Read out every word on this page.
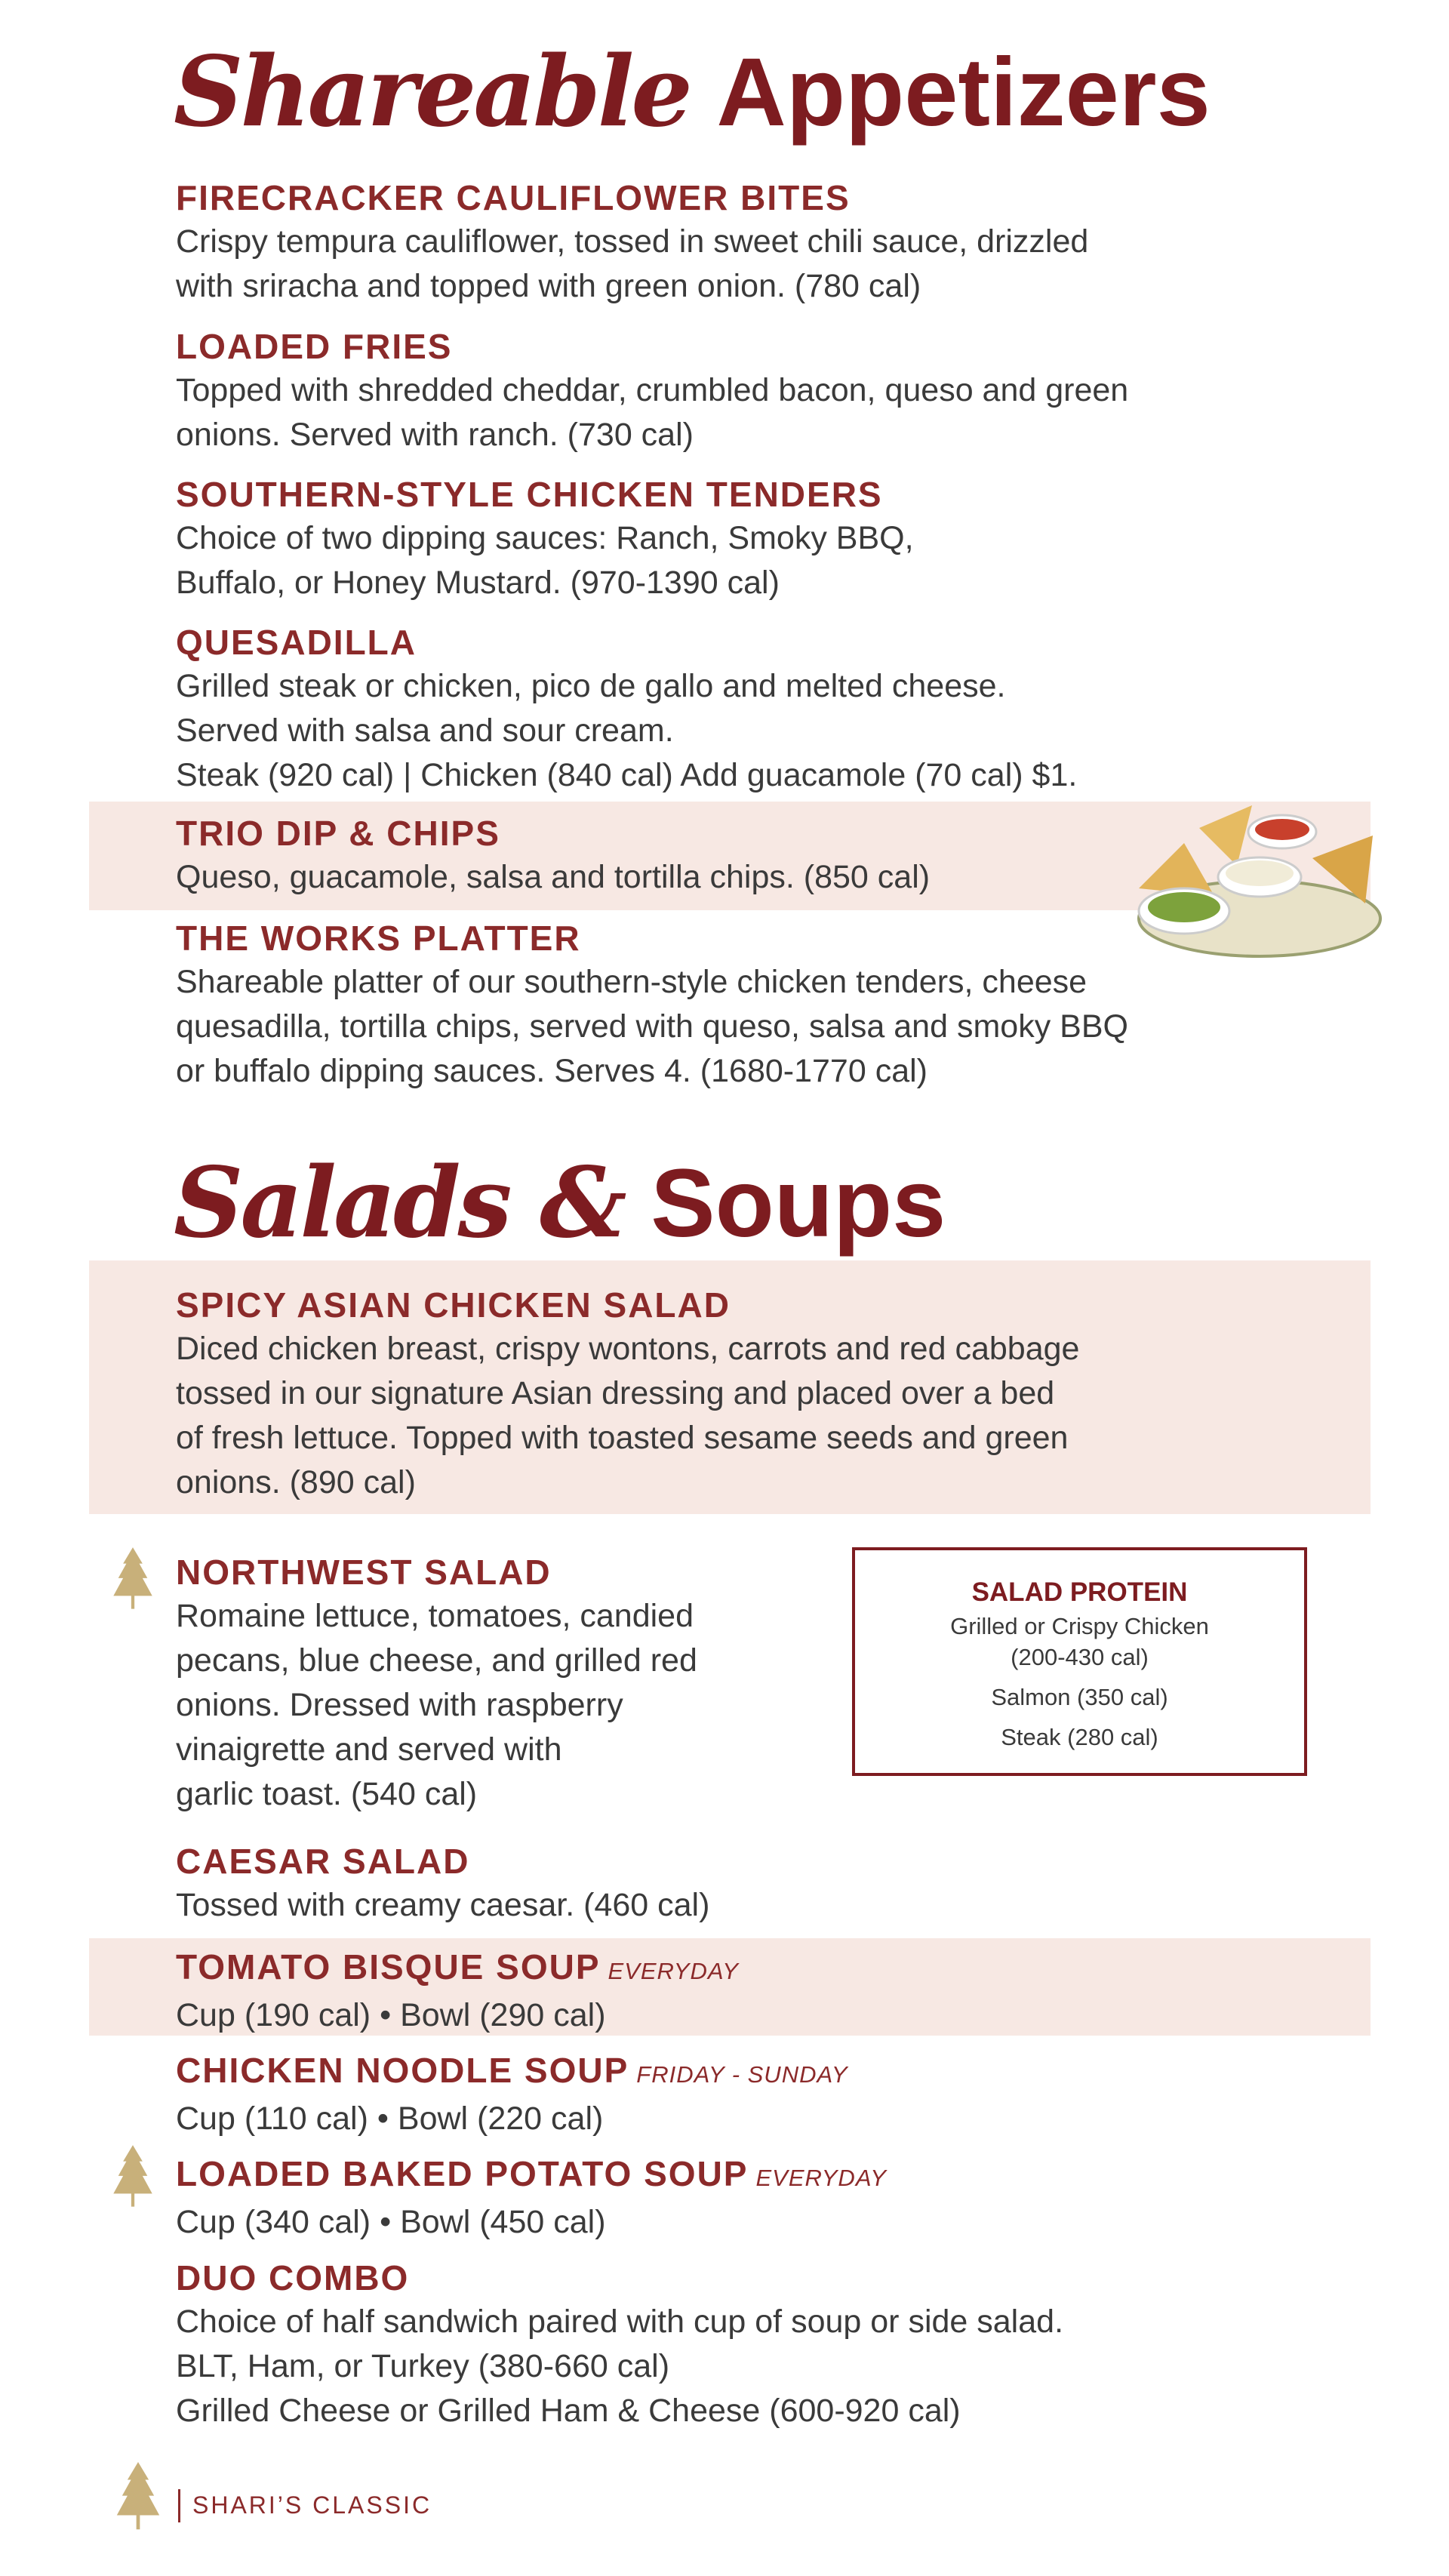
Shareable Appetizers
Salads & Soups
FIRECRACKER CAULIFLOWER BITES
Crispy tempura cauliflower, tossed in sweet chili sauce, drizzled
with sriracha and topped with green onion. (780 cal)
LOADED FRIES
Topped with shredded cheddar, crumbled bacon, queso and green
onions. Served with ranch. (730 cal)
SOUTHERN-STYLE CHICKEN TENDERS
Choice of two dipping sauces: Ranch, Smoky BBQ,
Buffalo, or Honey Mustard. (970-1390 cal)
QUESADILLA
Grilled steak or chicken, pico de gallo and melted cheese.
Served with salsa and sour cream.
Steak (920 cal) | Chicken (840 cal) Add guacamole (70 cal) $1.
TRIO DIP & CHIPS
Queso, guacamole, salsa and tortilla chips. (850 cal)
THE WORKS PLATTER
Shareable platter of our southern-style chicken tenders, cheese
quesadilla, tortilla chips, served with queso, salsa and smoky BBQ
or buffalo dipping sauces. Serves 4. (1680-1770 cal)
SPICY ASIAN CHICKEN SALAD
Diced chicken breast, crispy wontons, carrots and red cabbage
tossed in our signature Asian dressing and placed over a bed
of fresh lettuce. Topped with toasted sesame seeds and green
onions. (890 cal)
NORTHWEST SALAD
Romaine lettuce, tomatoes, candied
pecans, blue cheese, and grilled red
onions. Dressed with raspberry
vinaigrette and served with
garlic toast. (540 cal)
CAESAR SALAD
Tossed with creamy caesar. (460 cal)
TOMATO BISQUE SOUP EVERYDAY
Cup (190 cal) • Bowl (290 cal)
CHICKEN NOODLE SOUP FRIDAY - SUNDAY
Cup (110 cal) • Bowl (220 cal)
LOADED BAKED POTATO SOUP EVERYDAY
Cup (340 cal) • Bowl (450 cal)
DUO COMBO
Choice of half sandwich paired with cup of soup or side salad.
BLT, Ham, or Turkey (380-660 cal)
Grilled Cheese or Grilled Ham & Cheese (600-920 cal)
SALAD PROTEIN
Grilled or Crispy Chicken
(200-430 cal)
Salmon (350 cal)
Steak (280 cal)
SHARI’S CLASSIC
